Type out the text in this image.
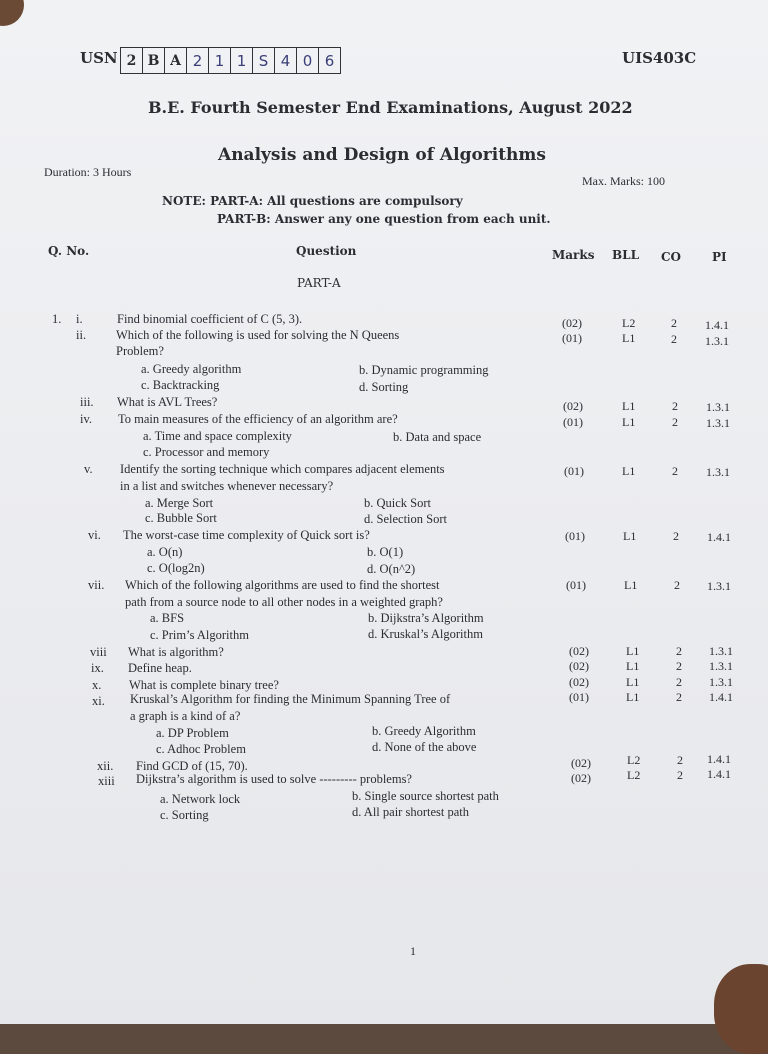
USN 2 B A 2 1 1 S 4 0 6	UIS403C
B.E. Fourth Semester End Examinations, August 2022
Analysis and Design of Algorithms
Duration: 3 Hours
Max. Marks: 100
NOTE: PART-A: All questions are compulsory
PART-B: Answer any one question from each unit.
Q. No.	Question	Marks BLL CO	PI
PART-A
1. i.	Find binomial coefficient of C (5, 3).	(02)	L2	2 1.4.1
ii. Which of the following is used for solving the N Queens
Problem?
a. Greedy algorithm	b. Dynamic programming
c. Backtracking	d. Sorting
(01)	L1	2 1.3.1
iii. What is AVL Trees?	(02)	L1	2 1.3.1
iv. To main measures of the efficiency of an algorithm are?
a. Time and space complexity	b. Data and space
c. Processor and memory
(01)	L1	2 1.3.1
v. Identify the sorting technique which compares adjacent elements
in a list and switches whenever necessary?
a. Merge Sort	b. Quick Sort
c. Bubble Sort	d. Selection Sort
(01)	L1	2 1.3.1
vi. The worst-case time complexity of Quick sort is?
a. O(n)	b. O(1)
c. O(log2n)	d. O(n^2)
(01)	L1	2 1.4.1
vii. Which of the following algorithms are used to find the shortest
path from a source node to all other nodes in a weighted graph?
a. BFS	b. Dijkstra’s Algorithm
c. Prim’s Algorithm	d. Kruskal’s Algorithm
(01)	L1	2 1.3.1
viii What is algorithm?	(02)	L1	2 1.3.1
ix. Define heap.	(02)	L1	2 1.3.1
x. What is complete binary tree?	(02)	L1	2 1.3.1
xi. Kruskal’s Algorithm for finding the Minimum Spanning Tree of
a graph is a kind of a?
a. DP Problem	b. Greedy Algorithm
c. Adhoc Problem	d. None of the above
(01)	L1	2 1.4.1
xii. Find GCD of (15, 70).	(02)	L2	2 1.4.1
xiii Dijkstra’s algorithm is used to solve --------- problems?
a. Network lock	b. Single source shortest path
c. Sorting	d. All pair shortest path
(02)	L2	2 1.4.1
1
